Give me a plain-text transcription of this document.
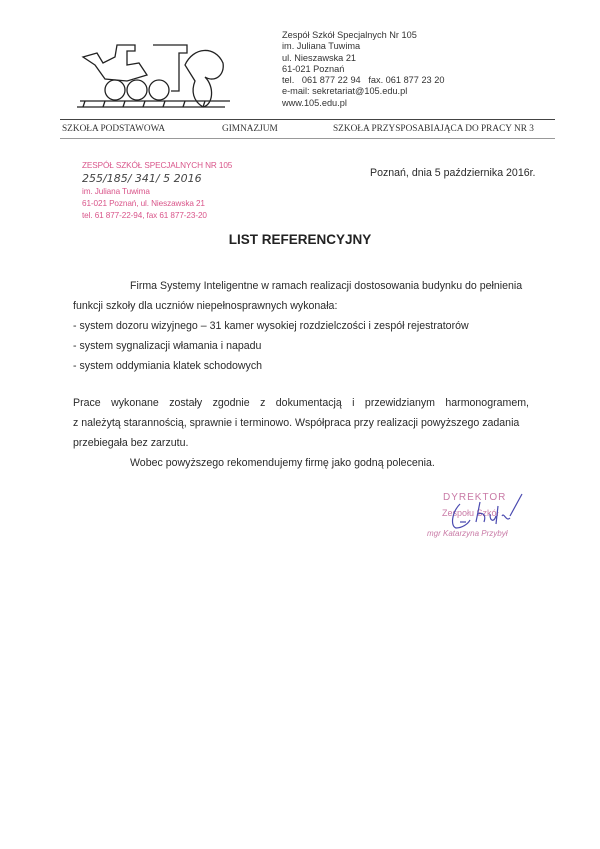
Zespół Szkół Specjalnych Nr 105
im. Juliana Tuwima
ul. Nieszawska 21
61-021 Poznań
tel.   061 877 22 94   fax. 061 877 23 20
e-mail: sekretariat@105.edu.pl
www.105.edu.pl
SZKOŁA PODSTAWOWA	GIMNAZJUM	SZKOŁA PRZYSPOSABIAJĄCA DO PRACY NR 3
ZESPÓŁ SZKÓŁ SPECJALNYCH NR 105
255/185/ 341/ 5 2016
im. Juliana Tuwima
61-021 Poznań, ul. Nieszawska 21
tel. 61 877-22-94, fax 61 877-23-20
Poznań, dnia 5 października 2016r.
LIST REFERENCYJNY
Firma Systemy Inteligentne w ramach realizacji dostosowania budynku do pełnienia
funkcji szkoły dla uczniów niepełnosprawnych wykonała:
- system dozoru wizyjnego – 31 kamer wysokiej rozdzielczości i zespół rejestratorów
- system sygnalizacji włamania i napadu
- system oddymiania klatek schodowych
Prace wykonane zostały zgodnie z dokumentacją i przewidzianym harmonogramem,
z należytą starannością, sprawnie i terminowo. Współpraca przy realizacji powyższego zadania
przebiegała bez zarzutu.
Wobec powyższego rekomendujemy firmę jako godną polecenia.
DYREKTOR
Zespołu Szkół
mgr Katarzyna Przybył
